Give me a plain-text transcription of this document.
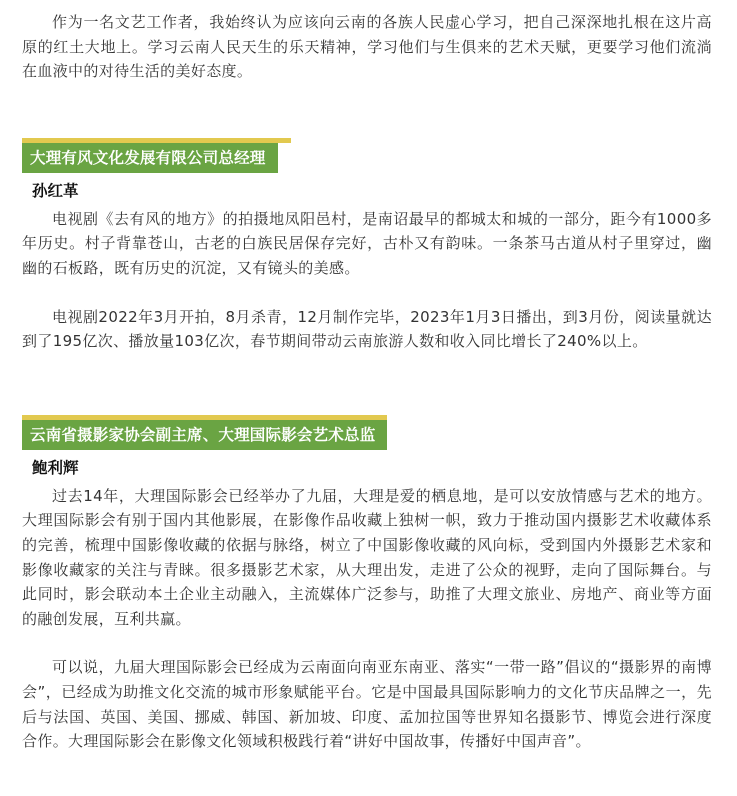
作为一名文艺工作者，我始终认为应该向云南的各族人民虚心学习，把自己深深地扎根在这片高原的红土大地上。学习云南人民天生的乐天精神，学习他们与生俱来的艺术天赋，更要学习他们流淌在血液中的对待生活的美好态度。

大理有风文化发展有限公司总经理
孙红革

电视剧《去有风的地方》的拍摄地凤阳邑村，是南诏最早的都城太和城的一部分，距今有1000多年历史。村子背靠苍山，古老的白族民居保存完好，古朴又有韵味。一条茶马古道从村子里穿过，幽幽的石板路，既有历史的沉淀，又有镜头的美感。

电视剧2022年3月开拍，8月杀青，12月制作完毕，2023年1月3日播出，到3月份，阅读量就达到了195亿次、播放量103亿次，春节期间带动云南旅游人数和收入同比增长了240%以上。

云南省摄影家协会副主席、大理国际影会艺术总监
鲍利辉

过去14年，大理国际影会已经举办了九届，大理是爱的栖息地，是可以安放情感与艺术的地方。大理国际影会有别于国内其他影展，在影像作品收藏上独树一帜，致力于推动国内摄影艺术收藏体系的完善，梳理中国影像收藏的依据与脉络，树立了中国影像收藏的风向标，受到国内外摄影艺术家和影像收藏家的关注与青睐。很多摄影艺术家，从大理出发，走进了公众的视野，走向了国际舞台。与此同时，影会联动本土企业主动融入，主流媒体广泛参与，助推了大理文旅业、房地产、商业等方面的融创发展，互利共赢。

可以说，九届大理国际影会已经成为云南面向南亚东南亚、落实“一带一路”倡议的“摄影界的南博会”，已经成为助推文化交流的城市形象赋能平台。它是中国最具国际影响力的文化节庆品牌之一，先后与法国、英国、美国、挪威、韩国、新加坡、印度、孟加拉国等世界知名摄影节、博览会进行深度合作。大理国际影会在影像文化领域积极践行着“讲好中国故事，传播好中国声音”。
